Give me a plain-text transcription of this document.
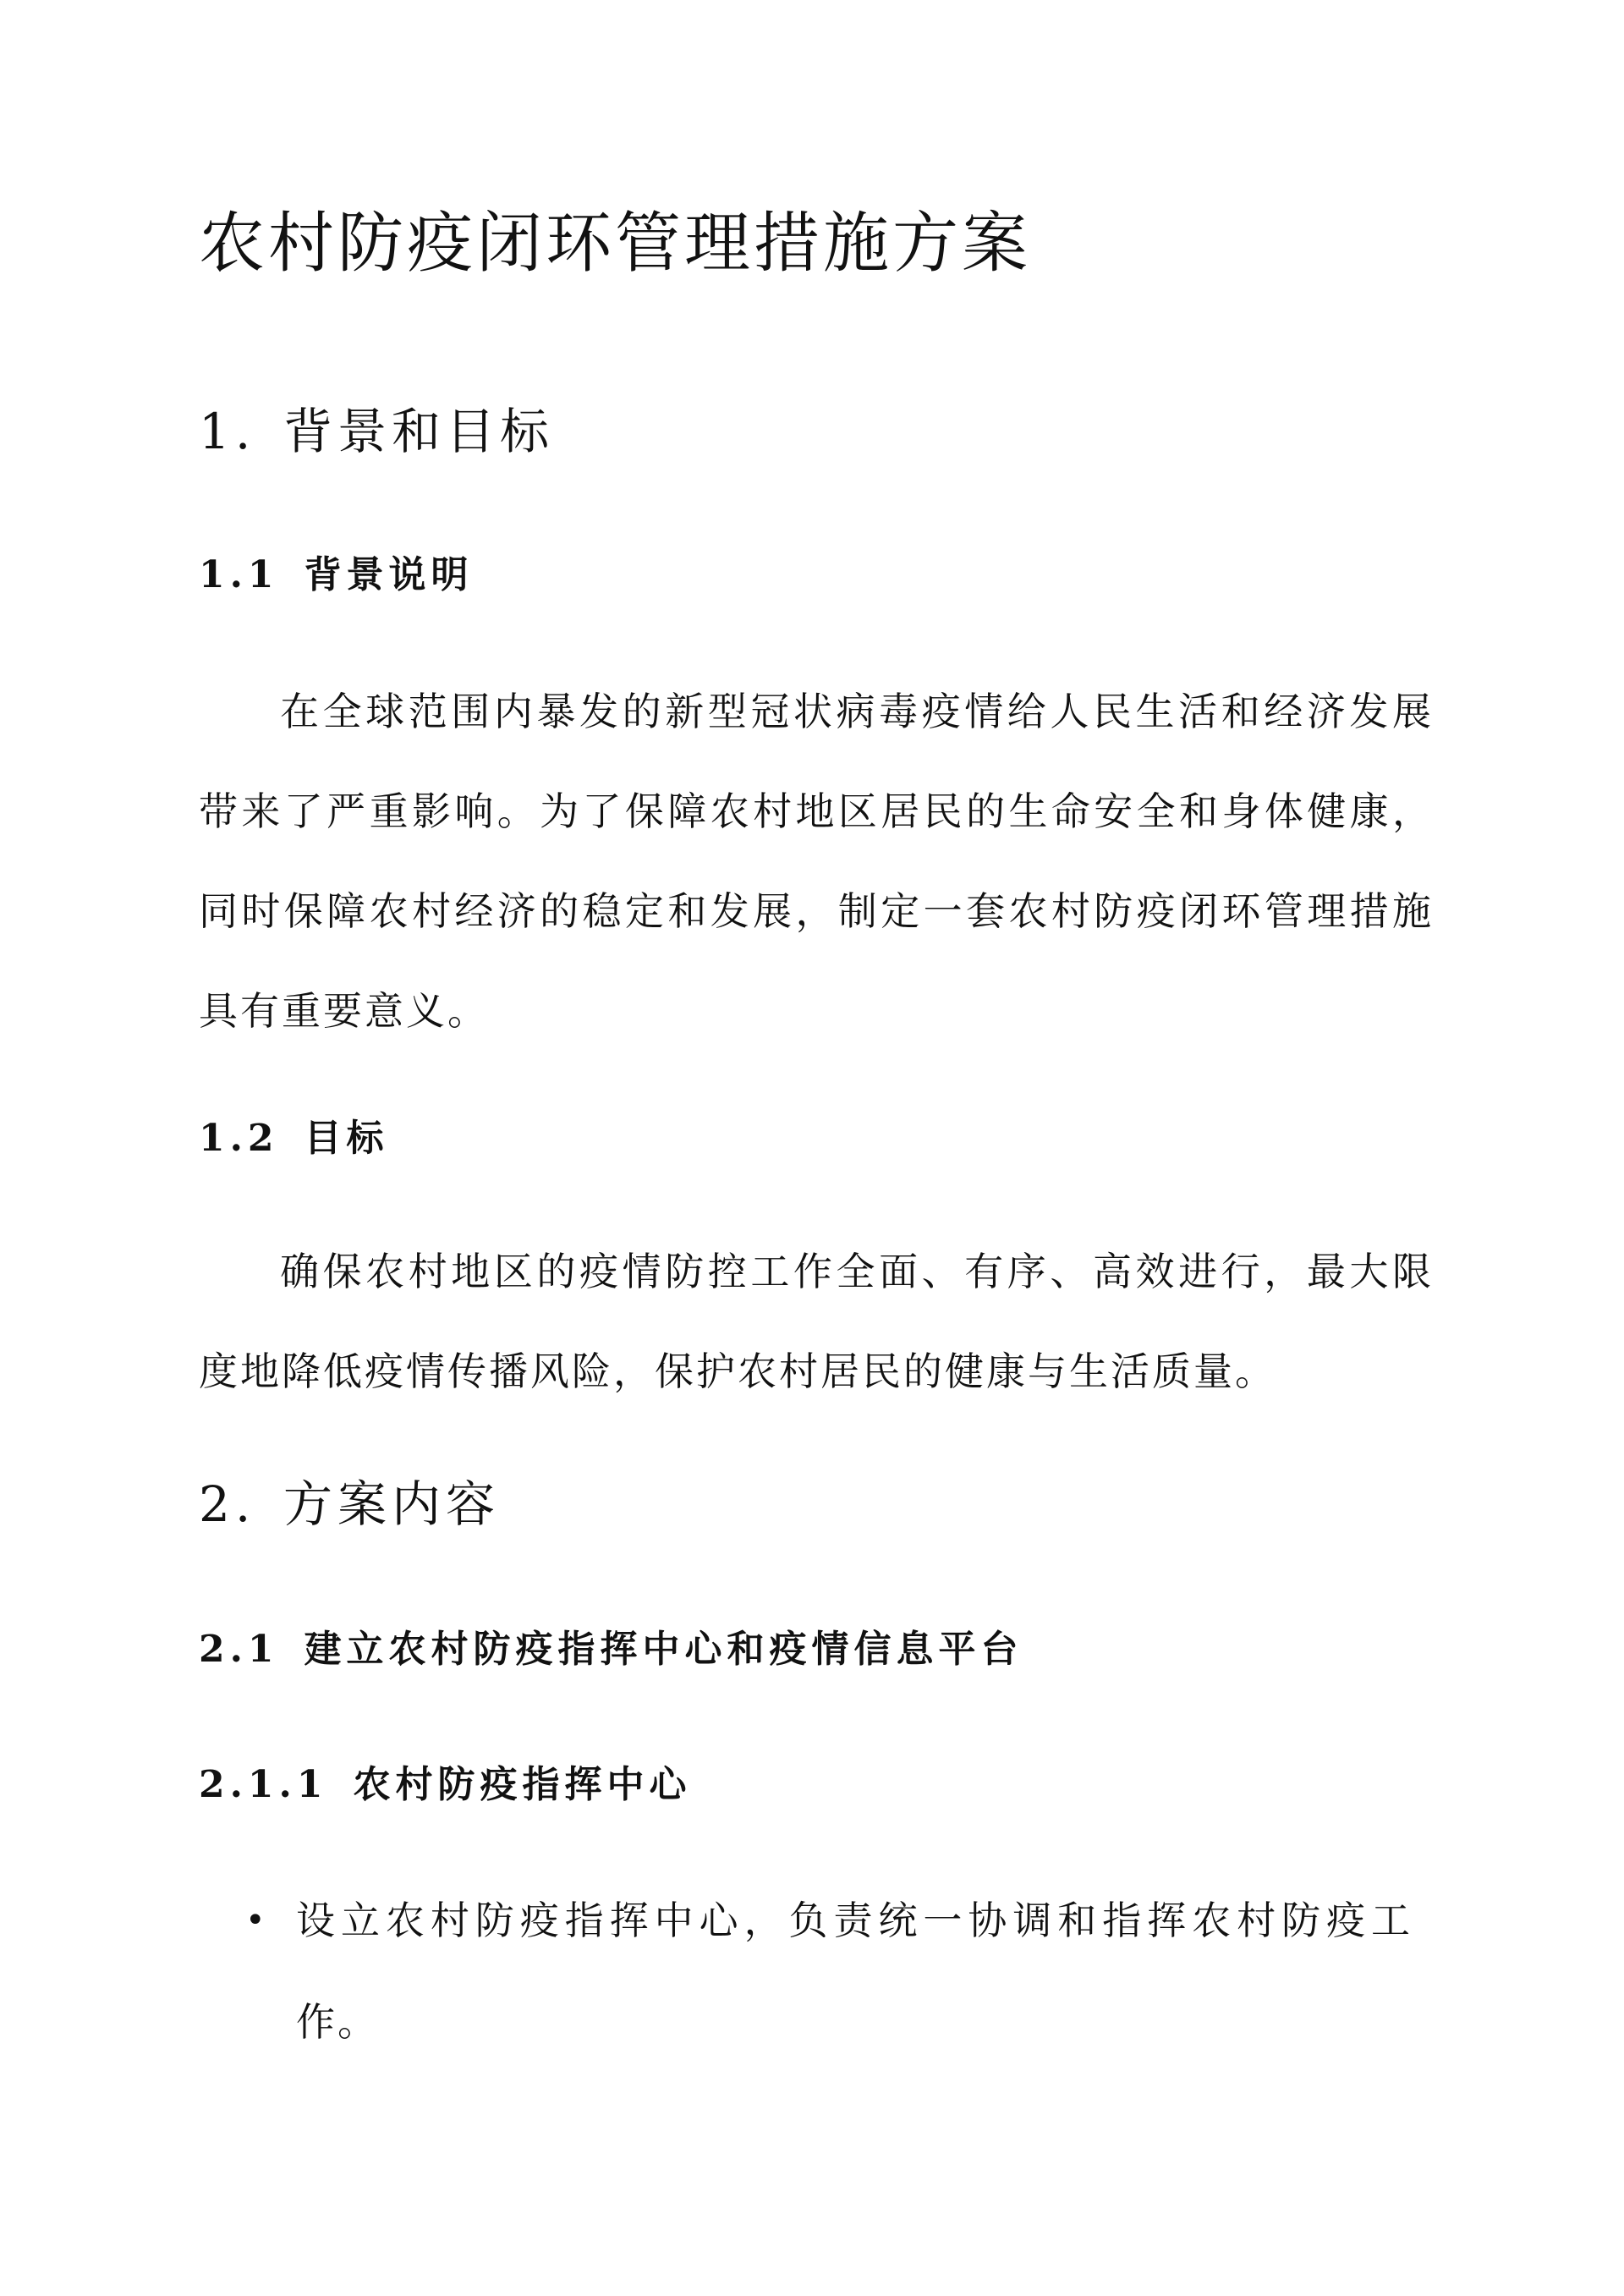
农村防疫闭环管理措施方案
1. 背景和目标
1.1 背景说明

在全球范围内暴发的新型冠状病毒疫情给人民生活和经济发展带来了严重影响。为了保障农村地区居民的生命安全和身体健康，同时保障农村经济的稳定和发展，制定一套农村防疫闭环管理措施具有重要意义。

1.2 目标

确保农村地区的疫情防控工作全面、有序、高效进行，最大限度地降低疫情传播风险，保护农村居民的健康与生活质量。

2. 方案内容
2.1 建立农村防疫指挥中心和疫情信息平台
2.1.1 农村防疫指挥中心
• 设立农村防疫指挥中心，负责统一协调和指挥农村防疫工作。
